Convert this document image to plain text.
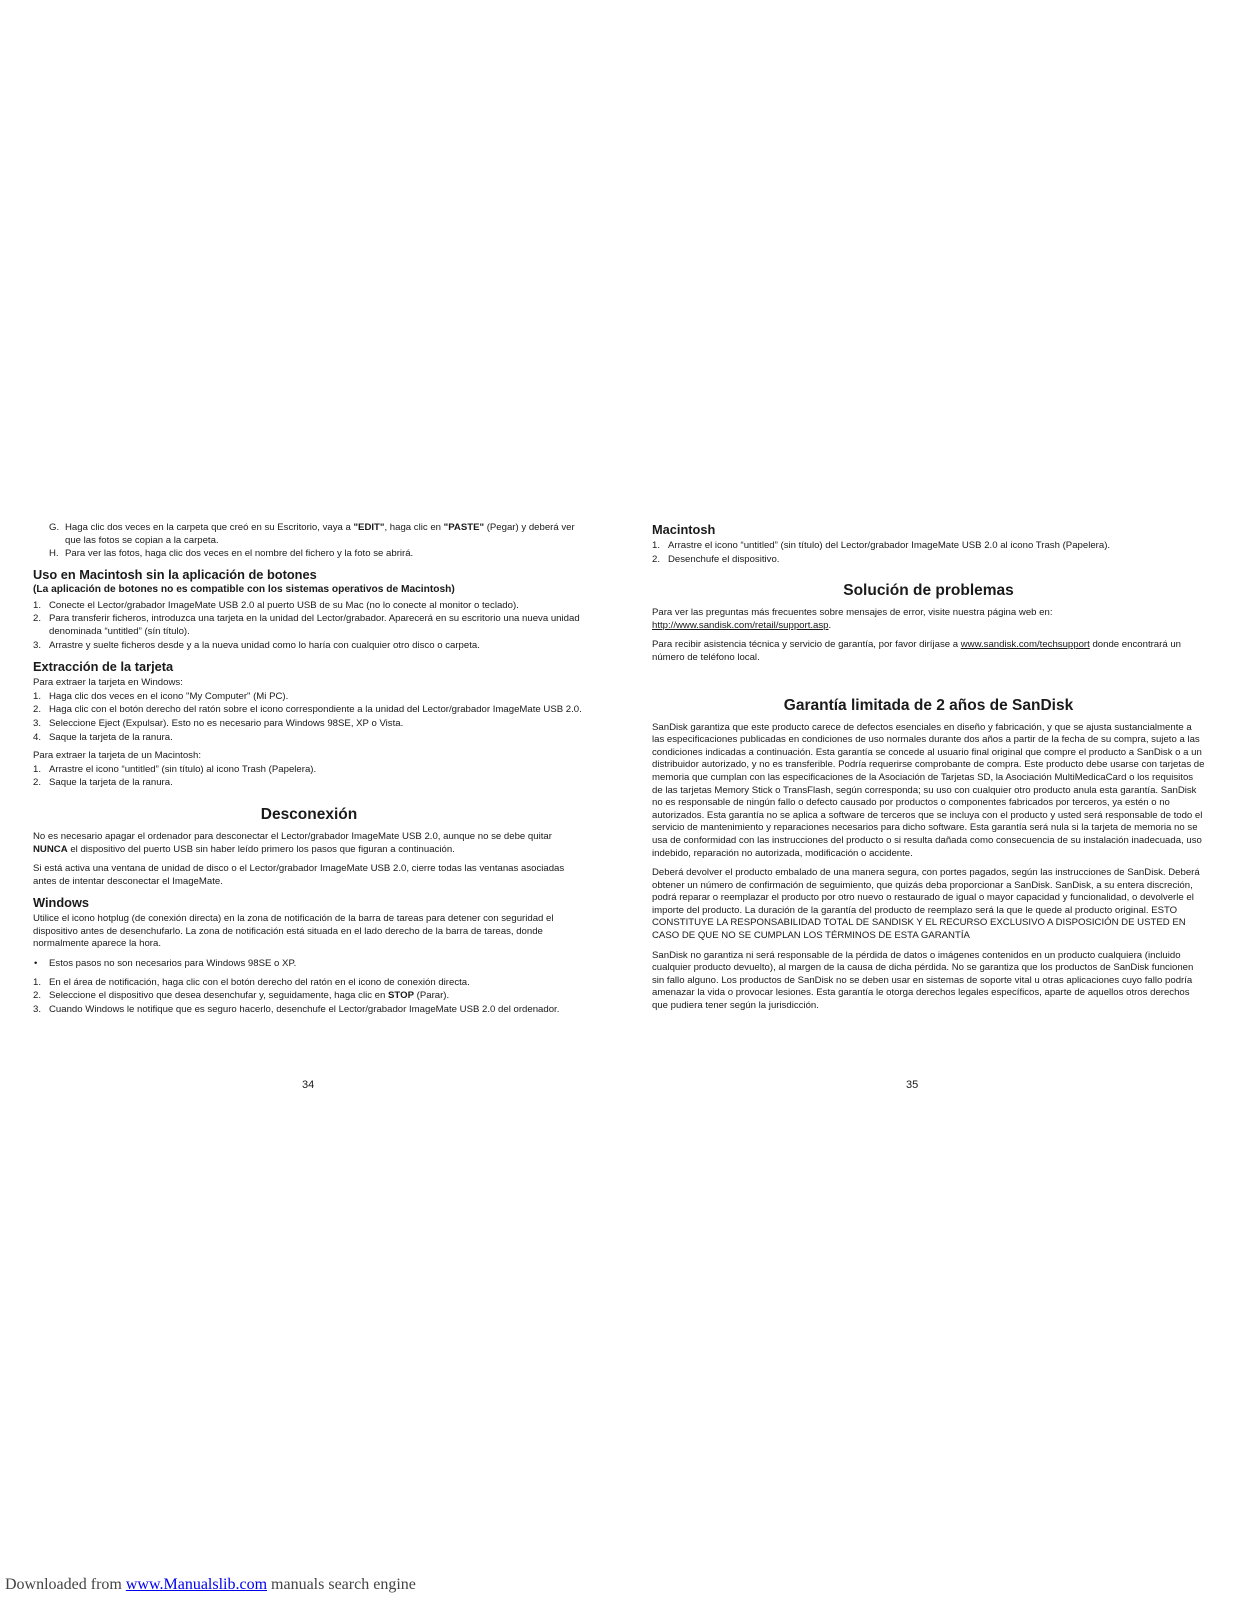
G. Haga clic dos veces en la carpeta que creó en su Escritorio, vaya a "EDIT", haga clic en "PASTE" (Pegar) y deberá ver que las fotos se copian a la carpeta.
H. Para ver las fotos, haga clic dos veces en el nombre del fichero y la foto se abrirá.
Uso en Macintosh sin la aplicación de botones
(La aplicación de botones no es compatible con los sistemas operativos de Macintosh)
1. Conecte el Lector/grabador ImageMate USB 2.0 al puerto USB de su Mac (no lo conecte al monitor o teclado).
2. Para transferir ficheros, introduzca una tarjeta en la unidad del Lector/grabador. Aparecerá en su escritorio una nueva unidad denominada “untitled” (sín título).
3. Arrastre y suelte ficheros desde y a la nueva unidad como lo haría con cualquier otro disco o carpeta.
Extracción de la tarjeta

Para extraer la tarjeta en Windows:

1. Haga clic dos veces en el icono "My Computer" (Mi PC).
2. Haga clic con el botón derecho del ratón sobre el icono correspondiente a la unidad del Lector/grabador ImageMate USB 2.0.
3. Seleccione Eject (Expulsar). Esto no es necesario para Windows 98SE, XP o Vista.
4. Saque la tarjeta de la ranura.

Para extraer la tarjeta de un Macintosh:

1. Arrastre el icono “untitled” (sin título) al icono Trash (Papelera).
2. Saque la tarjeta de la ranura.
Desconexión

No es necesario apagar el ordenador para desconectar el Lector/grabador ImageMate USB 2.0, aunque no se debe quitar NUNCA el dispositivo del puerto USB sin haber leído primero los pasos que figuran a continuación.

Si está activa una ventana de unidad de disco o el Lector/grabador ImageMate USB 2.0, cierre todas las ventanas asociadas antes de intentar desconectar el ImageMate.

Windows

Utilice el icono hotplug (de conexión directa) en la zona de notificación de la barra de tareas para detener con seguridad el dispositivo antes de desenchufarlo. La zona de notificación está situada en el lado derecho de la barra de tareas, donde normalmente aparece la hora.

• Estos pasos no son necesarios para Windows 98SE o XP.
1. En el área de notificación, haga clic con el botón derecho del ratón en el icono de conexión directa.
2. Seleccione el dispositivo que desea desenchufar y, seguidamente, haga clic en STOP (Parar).
3. Cuando Windows le notifique que es seguro hacerlo, desenchufe el Lector/grabador ImageMate USB 2.0 del ordenador.
34
Macintosh
1. Arrastre el icono “untitled” (sin título) del Lector/grabador ImageMate USB 2.0 al icono Trash (Papelera).
2. Desenchufe el dispositivo.
Solución de problemas

Para ver las preguntas más frecuentes sobre mensajes de error, visite nuestra página web en:
http://www.sandisk.com/retail/support.asp.

Para recibir asistencia técnica y servicio de garantía, por favor diríjase a www.sandisk.com/techsupport donde encontrará un número de teléfono local.

Garantía limitada de 2 años de SanDisk

SanDisk garantiza que este producto carece de defectos esenciales en diseño y fabricación, y que se ajusta sustancialmente a las especificaciones publicadas en condiciones de uso normales durante dos años a partir de la fecha de su compra, sujeto a las condiciones indicadas a continuación. Esta garantía se concede al usuario final original que compre el producto a SanDisk o a un distribuidor autorizado, y no es transferible. Podría requerirse comprobante de compra. Este producto debe usarse con tarjetas de memoria que cumplan con las especificaciones de la Asociación de Tarjetas SD, la Asociación MultiMedicaCard o los requisitos de las tarjetas Memory Stick o TransFlash, según corresponda; su uso con cualquier otro producto anula esta garantía. SanDisk no es responsable de ningún fallo o defecto causado por productos o componentes fabricados por terceros, ya estén o no autorizados. Esta garantía no se aplica a software de terceros que se incluya con el producto y usted será responsable de todo el servicio de mantenimiento y reparaciones necesarios para dicho software. Esta garantía será nula si la tarjeta de memoria no se usa de conformidad con las instrucciones del producto o si resulta dañada como consecuencia de su instalación inadecuada, uso indebido, reparación no autorizada, modificación o accidente.

Deberá devolver el producto embalado de una manera segura, con portes pagados, según las instrucciones de SanDisk. Deberá obtener un número de confirmación de seguimiento, que quizás deba proporcionar a SanDisk. SanDisk, a su entera discreción, podrá reparar o reemplazar el producto por otro nuevo o restaurado de igual o mayor capacidad y funcionalidad, o devolverle el importe del producto. La duración de la garantía del producto de reemplazo será la que le quede al producto original. ESTO CONSTITUYE LA RESPONSABILIDAD TOTAL DE SANDISK Y EL RECURSO EXCLUSIVO A DISPOSICIÓN DE USTED EN CASO DE QUE NO SE CUMPLAN LOS TÉRMINOS DE ESTA GARANTÍA

SanDisk no garantiza ni será responsable de la pérdida de datos o imágenes contenidos en un producto cualquiera (incluido cualquier producto devuelto), al margen de la causa de dicha pérdida. No se garantiza que los productos de SanDisk funcionen sin fallo alguno. Los productos de SanDisk no se deben usar en sistemas de soporte vital u otras aplicaciones cuyo fallo podría amenazar la vida o provocar lesiones. Esta garantía le otorga derechos legales específicos, aparte de aquellos otros derechos que pudiera tener según la jurisdicción.

35
Downloaded from www.Manualslib.com manuals search engine
